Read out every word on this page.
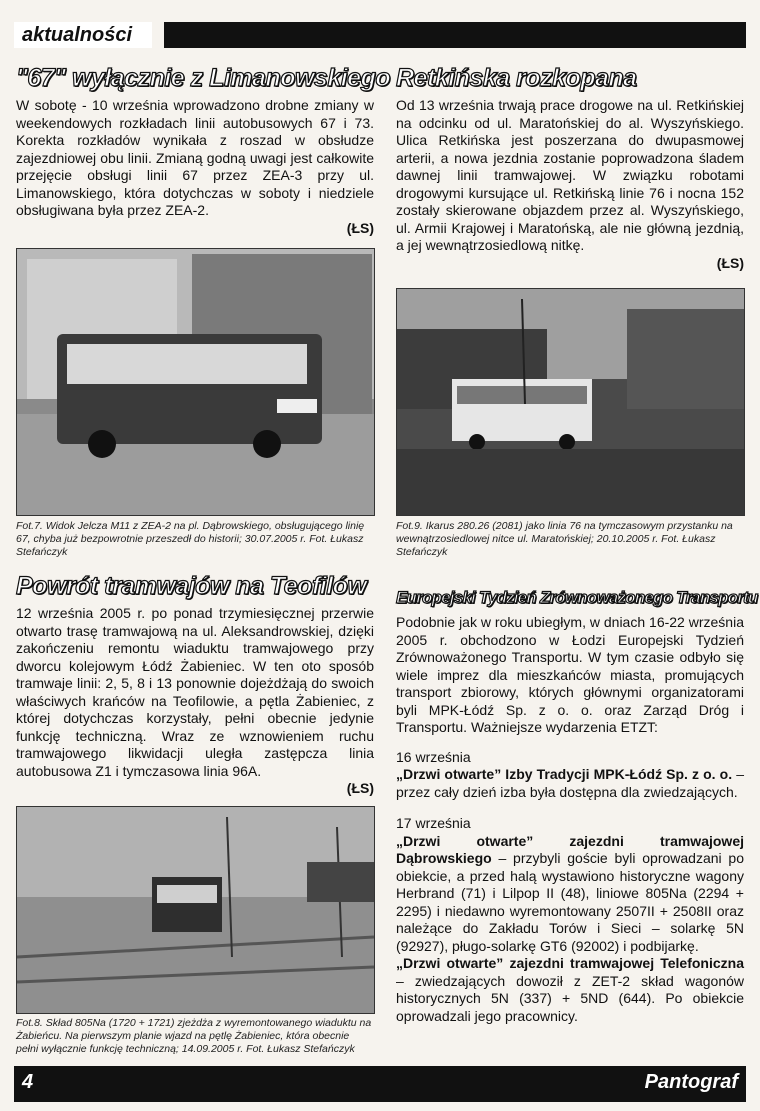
aktualności
"67" wyłącznie z Limanowskiego

W sobotę - 10 września wprowadzono drobne zmiany w weekendowych rozkładach linii autobusowych 67 i 73. Korekta rozkładów wynikała z roszad w obsłudze zajezdniowej obu linii. Zmianą godną uwagi jest całkowite przejęcie obsługi linii 67 przez ZEA-3 przy ul. Limanowskiego, która dotychczas w soboty i niedziele obsługiwana była przez ZEA-2.

(ŁS)

Fot.7. Widok Jelcza M11 z ZEA-2 na pl. Dąbrowskiego, obsługującego linię 67, chyba już bezpowrotnie przeszedł do historii; 30.07.2005 r. Fot. Łukasz Stefańczyk

Powrót tramwajów na Teofilów

12 września 2005 r. po ponad trzymiesięcznej przerwie otwarto trasę tramwajową na ul. Aleksandrowskiej, dzięki zakończeniu remontu wiaduktu tramwajowego przy dworcu kolejowym Łódź Żabieniec. W ten oto sposób tramwaje linii: 2, 5, 8 i 13 ponownie dojeżdżają do swoich właściwych krańców na Teofilowie, a pętla Żabieniec, z której dotychczas korzystały, pełni obecnie jedynie funkcję techniczną. Wraz ze wznowieniem ruchu tramwajowego likwidacji uległa zastępcza linia autobusowa Z1 i tymczasowa linia 96A.

(ŁS)

Fot.8. Skład 805Na (1720 + 1721) zjeżdża z wyremontowanego wiaduktu na Żabieńcu. Na pierwszym planie wjazd na pętlę Żabieniec, która obecnie pełni wyłącznie funkcję techniczną; 14.09.2005 r. Fot. Łukasz Stefańczyk

Retkińska rozkopana

Od 13 września trwają prace drogowe na ul. Retkińskiej na odcinku od ul. Maratońskiej do al. Wyszyńskiego. Ulica Retkińska jest poszerzana do dwupasmowej arterii, a nowa jezdnia zostanie poprowadzona śladem dawnej linii tramwajowej. W związku robotami drogowymi kursujące ul. Retkińską linie 76 i nocna 152 zostały skierowane objazdem przez al. Wyszyńskiego, ul. Armii Krajowej i Maratońską, ale nie główną jezdnią, a jej wewnątrzosiedlową nitkę.

(ŁS)

Fot.9. Ikarus 280.26 (2081) jako linia 76 na tymczasowym przystanku na wewnątrzosiedlowej nitce ul. Maratońskiej; 20.10.2005 r. Fot. Łukasz Stefańczyk

Europejski Tydzień Zrównoważonego Transportu

Podobnie jak w roku ubiegłym, w dniach 16-22 września 2005 r. obchodzono w Łodzi Europejski Tydzień Zrównoważonego Transportu. W tym czasie odbyło się wiele imprez dla mieszkańców miasta, promujących transport zbiorowy, których głównymi organizatorami byli MPK-Łódź Sp. z o. o. oraz Zarząd Dróg i Transportu. Ważniejsze wydarzenia ETZT:

16 września

„Drzwi otwarte” Izby Tradycji MPK-Łódź Sp. z o. o. – przez cały dzień izba była dostępna dla zwiedzających.

17 września

„Drzwi otwarte” zajezdni tramwajowej Dąbrowskiego – przybyli goście byli oprowadzani po obiekcie, a przed halą wystawiono historyczne wagony Herbrand (71) i Lilpop II (48), liniowe 805Na (2294 + 2295) i niedawno wyremontowany 2507II + 2508II oraz należące do Zakładu Torów i Sieci – solarkę 5N (92927), pługo-solarkę GT6 (92002) i podbijarkę.

„Drzwi otwarte” zajezdni tramwajowej Telefoniczna – zwiedzających dowoził z ZET-2 skład wagonów historycznych 5N (337) + 5ND (644). Po obiekcie oprowadzali jego pracownicy.

4	Pantograf
